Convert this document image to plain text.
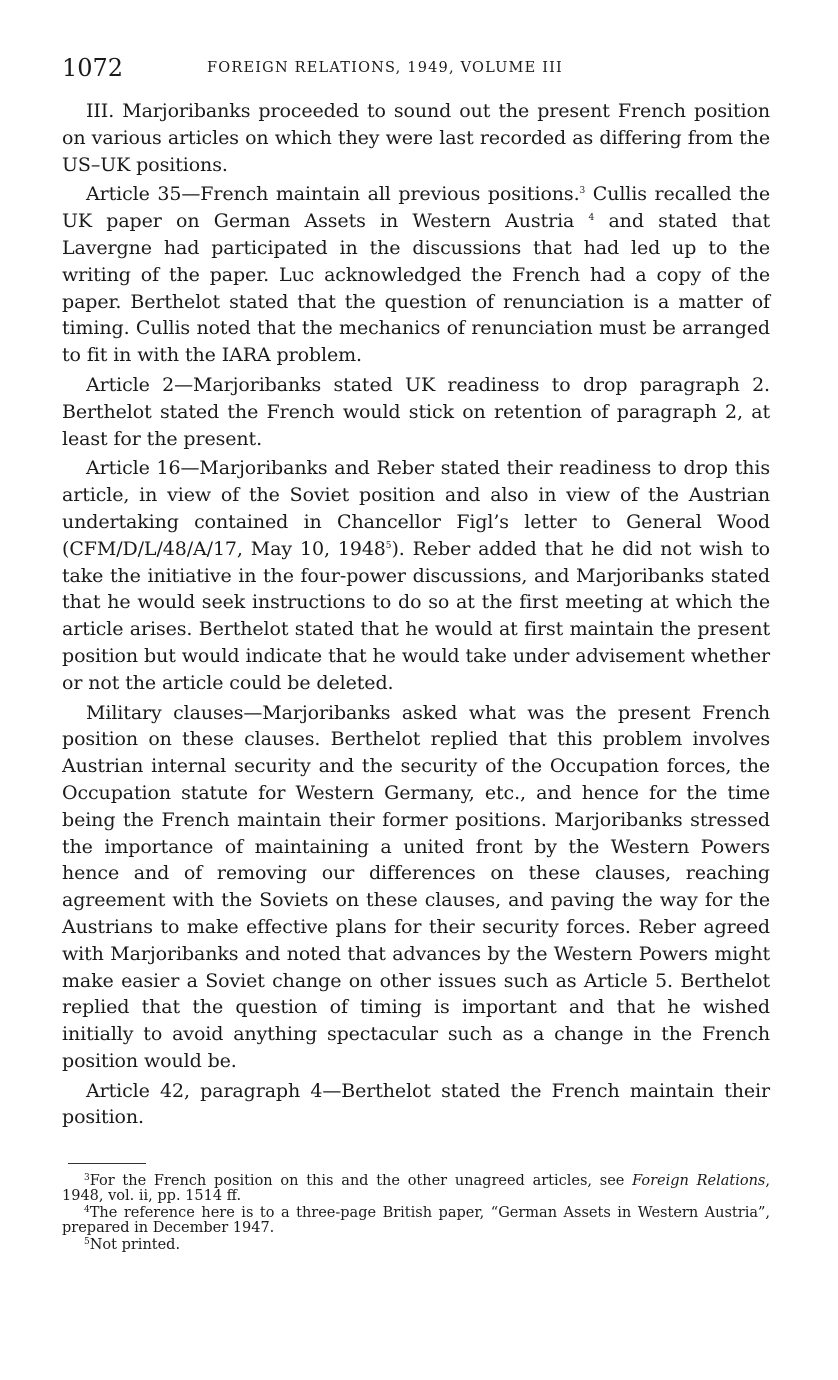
1072	FOREIGN RELATIONS, 1949, VOLUME III

III. Marjoribanks proceeded to sound out the present French position on various articles on which they were last recorded as differing from the US–UK positions.

Article 35—French maintain all previous positions.$^3$ Cullis recalled the UK paper on German Assets in Western Austria $^4$ and stated that Lavergne had participated in the discussions that had led up to the writing of the paper. Luc acknowledged the French had a copy of the paper. Berthelot stated that the question of renunciation is a matter of timing. Cullis noted that the mechanics of renunciation must be arranged to fit in with the IARA problem.

Article 2—Marjoribanks stated UK readiness to drop paragraph 2. Berthelot stated the French would stick on retention of paragraph 2, at least for the present.

Article 16—Marjoribanks and Reber stated their readiness to drop this article, in view of the Soviet position and also in view of the Austrian undertaking contained in Chancellor Figl’s letter to General Wood (CFM/D/L/48/A/17, May 10, 1948$^5$). Reber added that he did not wish to take the initiative in the four-power discussions, and Marjoribanks stated that he would seek instructions to do so at the first meeting at which the article arises. Berthelot stated that he would at first maintain the present position but would indicate that he would take under advisement whether or not the article could be deleted.

Military clauses—Marjoribanks asked what was the present French position on these clauses. Berthelot replied that this problem involves Austrian internal security and the security of the Occupation forces, the Occupation statute for Western Germany, etc., and hence for the time being the French maintain their former positions. Marjoribanks stressed the importance of maintaining a united front by the Western Powers hence and of removing our differences on these clauses, reaching agreement with the Soviets on these clauses, and paving the way for the Austrians to make effective plans for their security forces. Reber agreed with Marjoribanks and noted that advances by the Western Powers might make easier a Soviet change on other issues such as Article 5. Berthelot replied that the question of timing is important and that he wished initially to avoid anything spectacular such as a change in the French position would be.

Article 42, paragraph 4—Berthelot stated the French maintain their position.

$^3$For the French position on this and the other unagreed articles, see Foreign Relations, 1948, vol. ii, pp. 1514 ff.

$^4$The reference here is to a three-page British paper, “German Assets in Western Austria”, prepared in December 1947.

$^5$Not printed.
